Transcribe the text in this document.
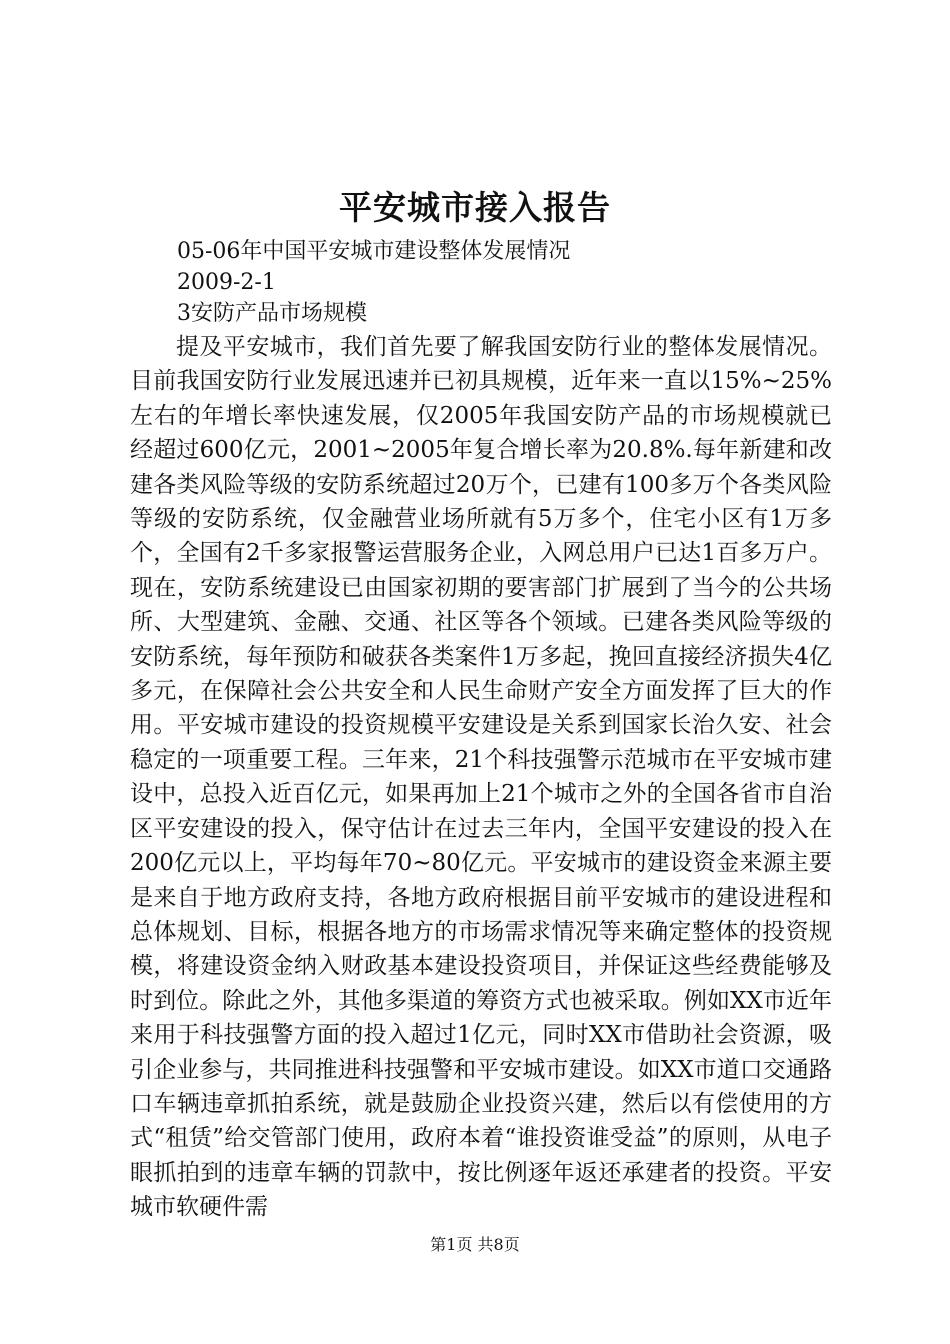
平安城市接入报告

05-06年中国平安城市建设整体发展情况

2009-2-1

3安防产品市场规模

提及平安城市，我们首先要了解我国安防行业的整体发展情况。目前我国安防行业发展迅速并已初具规模，近年来一直以15%~25%左右的年增长率快速发展，仅2005年我国安防产品的市场规模就已经超过600亿元，2001~2005年复合增长率为20.8%.每年新建和改建各类风险等级的安防系统超过20万个，已建有100多万个各类风险等级的安防系统，仅金融营业场所就有5万多个，住宅小区有1万多个，全国有2千多家报警运营服务企业，入网总用户已达1百多万户。现在，安防系统建设已由国家初期的要害部门扩展到了当今的公共场所、大型建筑、金融、交通、社区等各个领域。已建各类风险等级的安防系统，每年预防和破获各类案件1万多起，挽回直接经济损失4亿多元，在保障社会公共安全和人民生命财产安全方面发挥了巨大的作用。平安城市建设的投资规模平安建设是关系到国家长治久安、社会稳定的一项重要工程。三年来，21个科技强警示范城市在平安城市建设中，总投入近百亿元，如果再加上21个城市之外的全国各省市自治区平安建设的投入，保守估计在过去三年内，全国平安建设的投入在200亿元以上，平均每年70~80亿元。平安城市的建设资金来源主要是来自于地方政府支持，各地方政府根据目前平安城市的建设进程和总体规划、目标，根据各地方的市场需求情况等来确定整体的投资规模，将建设资金纳入财政基本建设投资项目，并保证这些经费能够及时到位。除此之外，其他多渠道的筹资方式也被采取。例如XX市近年来用于科技强警方面的投入超过1亿元，同时XX市借助社会资源，吸引企业参与，共同推进科技强警和平安城市建设。如XX市道口交通路口车辆违章抓拍系统，就是鼓励企业投资兴建，然后以有偿使用的方式“租赁”给交管部门使用，政府本着“谁投资谁受益”的原则，从电子眼抓拍到的违章车辆的罚款中，按比例逐年返还承建者的投资。平安城市软硬件需

第1页 共8页
